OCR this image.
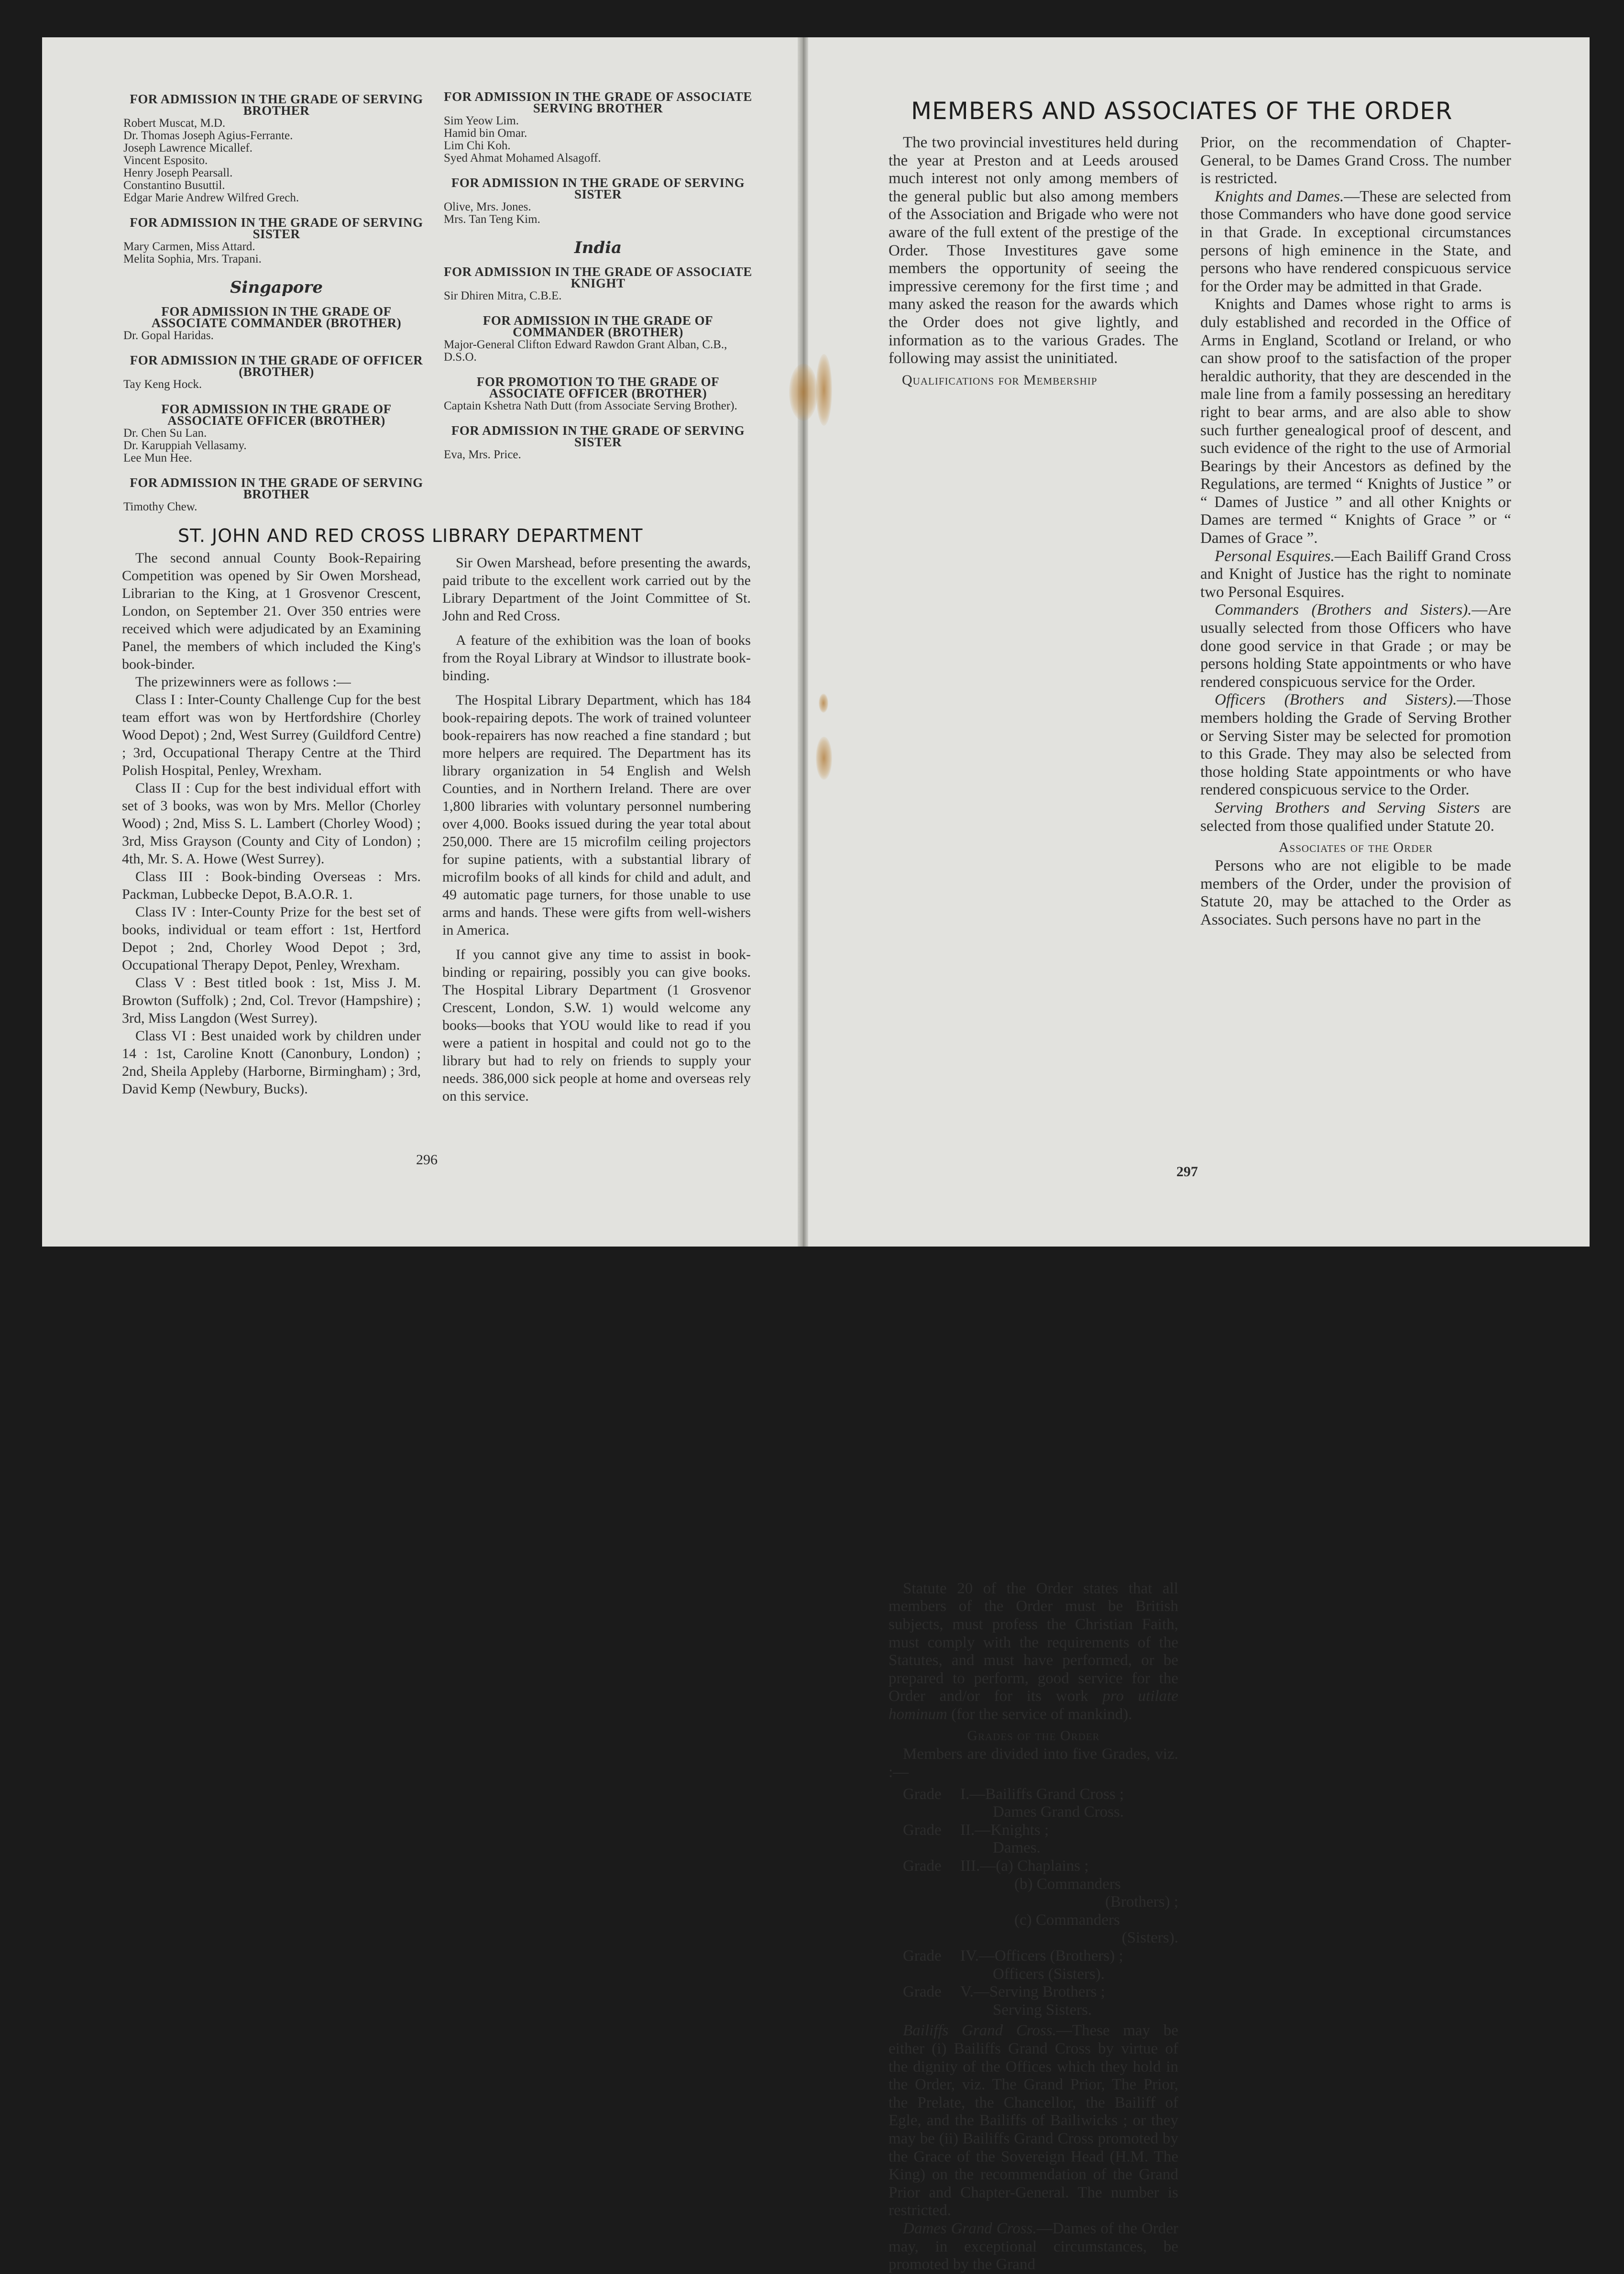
FOR ADMISSION IN THE GRADE OF SERVING BROTHER

Robert Muscat, M.D.

Dr. Thomas Joseph Agius-Ferrante.

Joseph Lawrence Micallef.

Vincent Esposito.

Henry Joseph Pearsall.

Constantino Busuttil.

Edgar Marie Andrew Wilfred Grech.

FOR ADMISSION IN THE GRADE OF SERVING SISTER

Mary Carmen, Miss Attard.

Melita Sophia, Mrs. Trapani.

Singapore
FOR ADMISSION IN THE GRADE OF ASSOCIATE COMMANDER (BROTHER)

Dr. Gopal Haridas.

FOR ADMISSION IN THE GRADE OF OFFICER (BROTHER)

Tay Keng Hock.

FOR ADMISSION IN THE GRADE OF ASSOCIATE OFFICER (BROTHER)

Dr. Chen Su Lan.

Dr. Karuppiah Vellasamy.

Lee Mun Hee.

FOR ADMISSION IN THE GRADE OF SERVING BROTHER

Timothy Chew.

FOR ADMISSION IN THE GRADE OF ASSOCIATE SERVING BROTHER

Sim Yeow Lim.

Hamid bin Omar.

Lim Chi Koh.

Syed Ahmat Mohamed Alsagoff.

FOR ADMISSION IN THE GRADE OF SERVING SISTER

Olive, Mrs. Jones.

Mrs. Tan Teng Kim.

India
FOR ADMISSION IN THE GRADE OF ASSOCIATE KNIGHT

Sir Dhiren Mitra, C.B.E.

FOR ADMISSION IN THE GRADE OF COMMANDER (BROTHER)

Major-General Clifton Edward Rawdon Grant Alban, C.B., D.S.O.

FOR PROMOTION TO THE GRADE OF ASSOCIATE OFFICER (BROTHER)

Captain Kshetra Nath Dutt (from Associate Serving Brother).

FOR ADMISSION IN THE GRADE OF SERVING SISTER

Eva, Mrs. Price.

ST. JOHN AND RED CROSS LIBRARY DEPARTMENT

The second annual County Book-Repairing Competition was opened by Sir Owen Morshead, Librarian to the King, at 1 Grosvenor Crescent, London, on September 21. Over 350 entries were received which were adjudicated by an Examining Panel, the members of which included the King's book-binder.

The prizewinners were as follows :—

Class I : Inter-County Challenge Cup for the best team effort was won by Hertfordshire (Chorley Wood Depot) ; 2nd, West Surrey (Guildford Centre) ; 3rd, Occupational Therapy Centre at the Third Polish Hospital, Penley, Wrexham.

Class II : Cup for the best individual effort with set of 3 books, was won by Mrs. Mellor (Chorley Wood) ; 2nd, Miss S. L. Lambert (Chorley Wood) ; 3rd, Miss Grayson (County and City of London) ; 4th, Mr. S. A. Howe (West Surrey).

Class III : Book-binding Overseas : Mrs. Packman, Lubbecke Depot, B.A.O.R. 1.

Class IV : Inter-County Prize for the best set of books, individual or team effort : 1st, Hertford Depot ; 2nd, Chorley Wood Depot ; 3rd, Occupational Therapy Depot, Penley, Wrexham.

Class V : Best titled book : 1st, Miss J. M. Browton (Suffolk) ; 2nd, Col. Trevor (Hampshire) ; 3rd, Miss Langdon (West Surrey).

Class VI : Best unaided work by children under 14 : 1st, Caroline Knott (Canonbury, London) ; 2nd, Sheila Appleby (Harborne, Birmingham) ; 3rd, David Kemp (Newbury, Bucks).

Sir Owen Marshead, before presenting the awards, paid tribute to the excellent work carried out by the Library Department of the Joint Committee of St. John and Red Cross.

A feature of the exhibition was the loan of books from the Royal Library at Windsor to illustrate book-binding.

The Hospital Library Department, which has 184 book-repairing depots. The work of trained volunteer book-repairers has now reached a fine standard ; but more helpers are required. The Department has its library organization in 54 English and Welsh Counties, and in Northern Ireland. There are over 1,800 libraries with voluntary personnel numbering over 4,000. Books issued during the year total about 250,000. There are 15 microfilm ceiling projectors for supine patients, with a substantial library of microfilm books of all kinds for child and adult, and 49 automatic page turners, for those unable to use arms and hands. These were gifts from well-wishers in America.

If you cannot give any time to assist in book-binding or repairing, possibly you can give books. The Hospital Library Department (1 Grosvenor Crescent, London, S.W. 1) would welcome any books—books that YOU would like to read if you were a patient in hospital and could not go to the library but had to rely on friends to supply your needs. 386,000 sick people at home and overseas rely on this service.

296
MEMBERS AND ASSOCIATES OF THE ORDER

The two provincial investitures held during the year at Preston and at Leeds aroused much interest not only among members of the general public but also among members of the Association and Brigade who were not aware of the full extent of the prestige of the Order. Those Investitures gave some members the opportunity of seeing the impressive ceremony for the first time ; and many asked the reason for the awards which the Order does not give lightly, and information as to the various Grades. The following may assist the uninitiated.

Qualifications for Membership

Statute 20 of the Order states that all members of the Order must be British subjects, must profess the Christian Faith, must comply with the requirements of the Statutes, and must have performed, or be prepared to perform, good service for the Order and/or for its work pro utilate hominum (for the service of mankind).

Grades of the Order

Members are divided into five Grades, viz. :—

Grade I.—Bailiffs Grand Cross ;

Dames Grand Cross.

Grade II.—Knights ;

Dames.

Grade III.—(a) Chaplains ;

(b) Commanders

(Brothers) ;

(c) Commanders

(Sisters).

Grade IV.—Officers (Brothers) ;

Officers (Sisters).

Grade V.—Serving Brothers ;

Serving Sisters.

Bailiffs Grand Cross.—These may be either (i) Bailiffs Grand Cross by virtue of the dignity of the Offices which they hold in the Order, viz. The Grand Prior, The Prior, the Prelate, the Chancellor, the Bailiff of Egle, and the Bailiffs of Bailiwicks ; or they may be (ii) Bailiffs Grand Cross promoted by the Grace of the Sovereign Head (H.M. The King) on the recommendation of the Grand Prior and Chapter-General. The number is restricted.

Dames Grand Cross.—Dames of the Order may, in exceptional circumstances, be promoted by the Grand

Prior, on the recommendation of Chapter-General, to be Dames Grand Cross. The number is restricted.

Knights and Dames.—These are selected from those Commanders who have done good service in that Grade. In exceptional circumstances persons of high eminence in the State, and persons who have rendered conspicuous service for the Order may be admitted in that Grade.

Knights and Dames whose right to arms is duly established and recorded in the Office of Arms in England, Scotland or Ireland, or who can show proof to the satisfaction of the proper heraldic authority, that they are descended in the male line from a family possessing an hereditary right to bear arms, and are also able to show such further genealogical proof of descent, and such evidence of the right to the use of Armorial Bearings by their Ancestors as defined by the Regulations, are termed “ Knights of Justice ” or “ Dames of Justice ” and all other Knights or Dames are termed “ Knights of Grace ” or “ Dames of Grace ”.

Personal Esquires.—Each Bailiff Grand Cross and Knight of Justice has the right to nominate two Personal Esquires.

Commanders (Brothers and Sisters).—Are usually selected from those Officers who have done good service in that Grade ; or may be persons holding State appointments or who have rendered conspicuous service for the Order.

Officers (Brothers and Sisters).—Those members holding the Grade of Serving Brother or Serving Sister may be selected for promotion to this Grade. They may also be selected from those holding State appointments or who have rendered conspicuous service to the Order.

Serving Brothers and Serving Sisters are selected from those qualified under Statute 20.

Associates of the Order

Persons who are not eligible to be made members of the Order, under the provision of Statute 20, may be attached to the Order as Associates. Such persons have no part in the

297
